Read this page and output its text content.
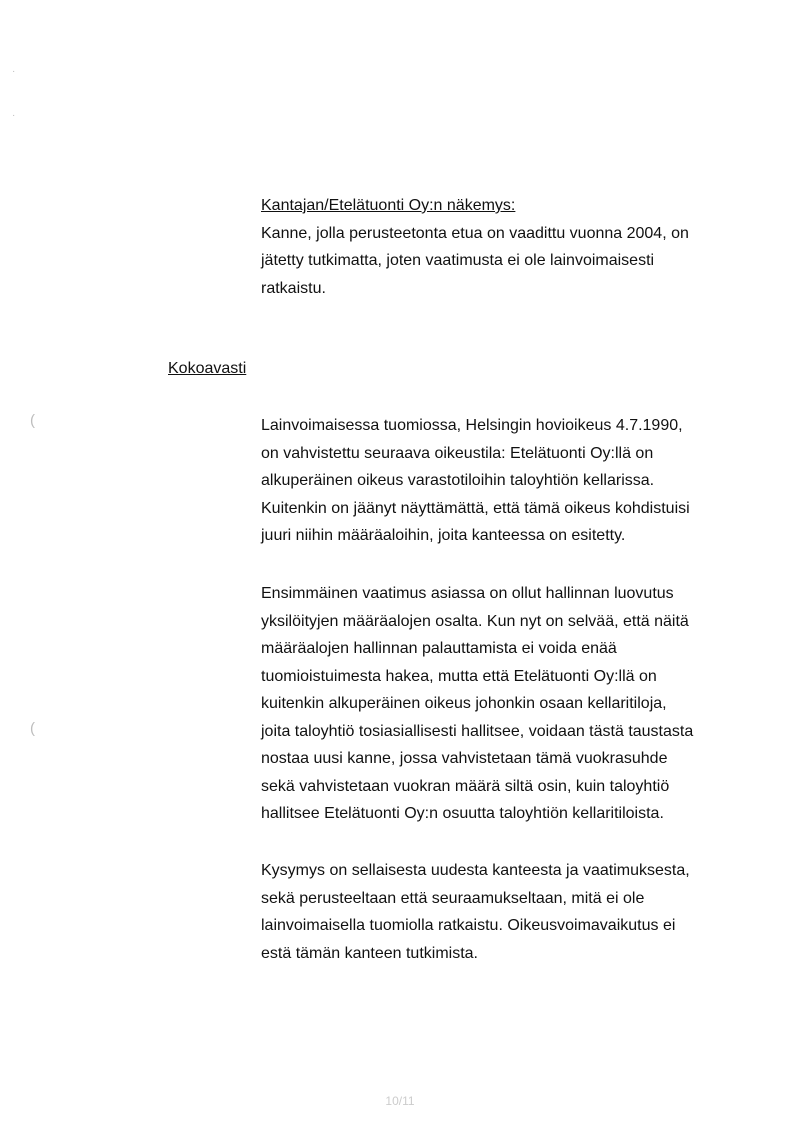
·
·
Kantajan/Etelätuonti Oy:n näkemys:
Kanne, jolla perusteetonta etua on vaadittu vuonna 2004, on
jätetty tutkimatta, joten vaatimusta ei ole lainvoimaisesti
ratkaistu.
Kokoavasti
(
(
Lainvoimaisessa tuomiossa, Helsingin hovioikeus 4.7.1990,
on vahvistettu seuraava oikeustila: Etelätuonti Oy:llä on
alkuperäinen oikeus varastotiloihin taloyhtiön kellarissa.
Kuitenkin on jäänyt näyttämättä, että tämä oikeus kohdistuisi
juuri niihin määräaloihin, joita kanteessa on esitetty.
Ensimmäinen vaatimus asiassa on ollut hallinnan luovutus
yksilöityjen määräalojen osalta. Kun nyt on selvää, että näitä
määräalojen hallinnan palauttamista ei voida enää
tuomioistuimesta hakea, mutta että Etelätuonti Oy:llä on
kuitenkin alkuperäinen oikeus johonkin osaan kellaritiloja,
joita taloyhtiö tosiasiallisesti hallitsee, voidaan tästä taustasta
nostaa uusi kanne, jossa vahvistetaan tämä vuokrasuhde
sekä vahvistetaan vuokran määrä siltä osin, kuin taloyhtiö
hallitsee Etelätuonti Oy:n osuutta taloyhtiön kellaritiloista.
Kysymys on sellaisesta uudesta kanteesta ja vaatimuksesta,
sekä perusteeltaan että seuraamukseltaan, mitä ei ole
lainvoimaisella tuomiolla ratkaistu. Oikeusvoimavaikutus ei
estä tämän kanteen tutkimista.
10/11
